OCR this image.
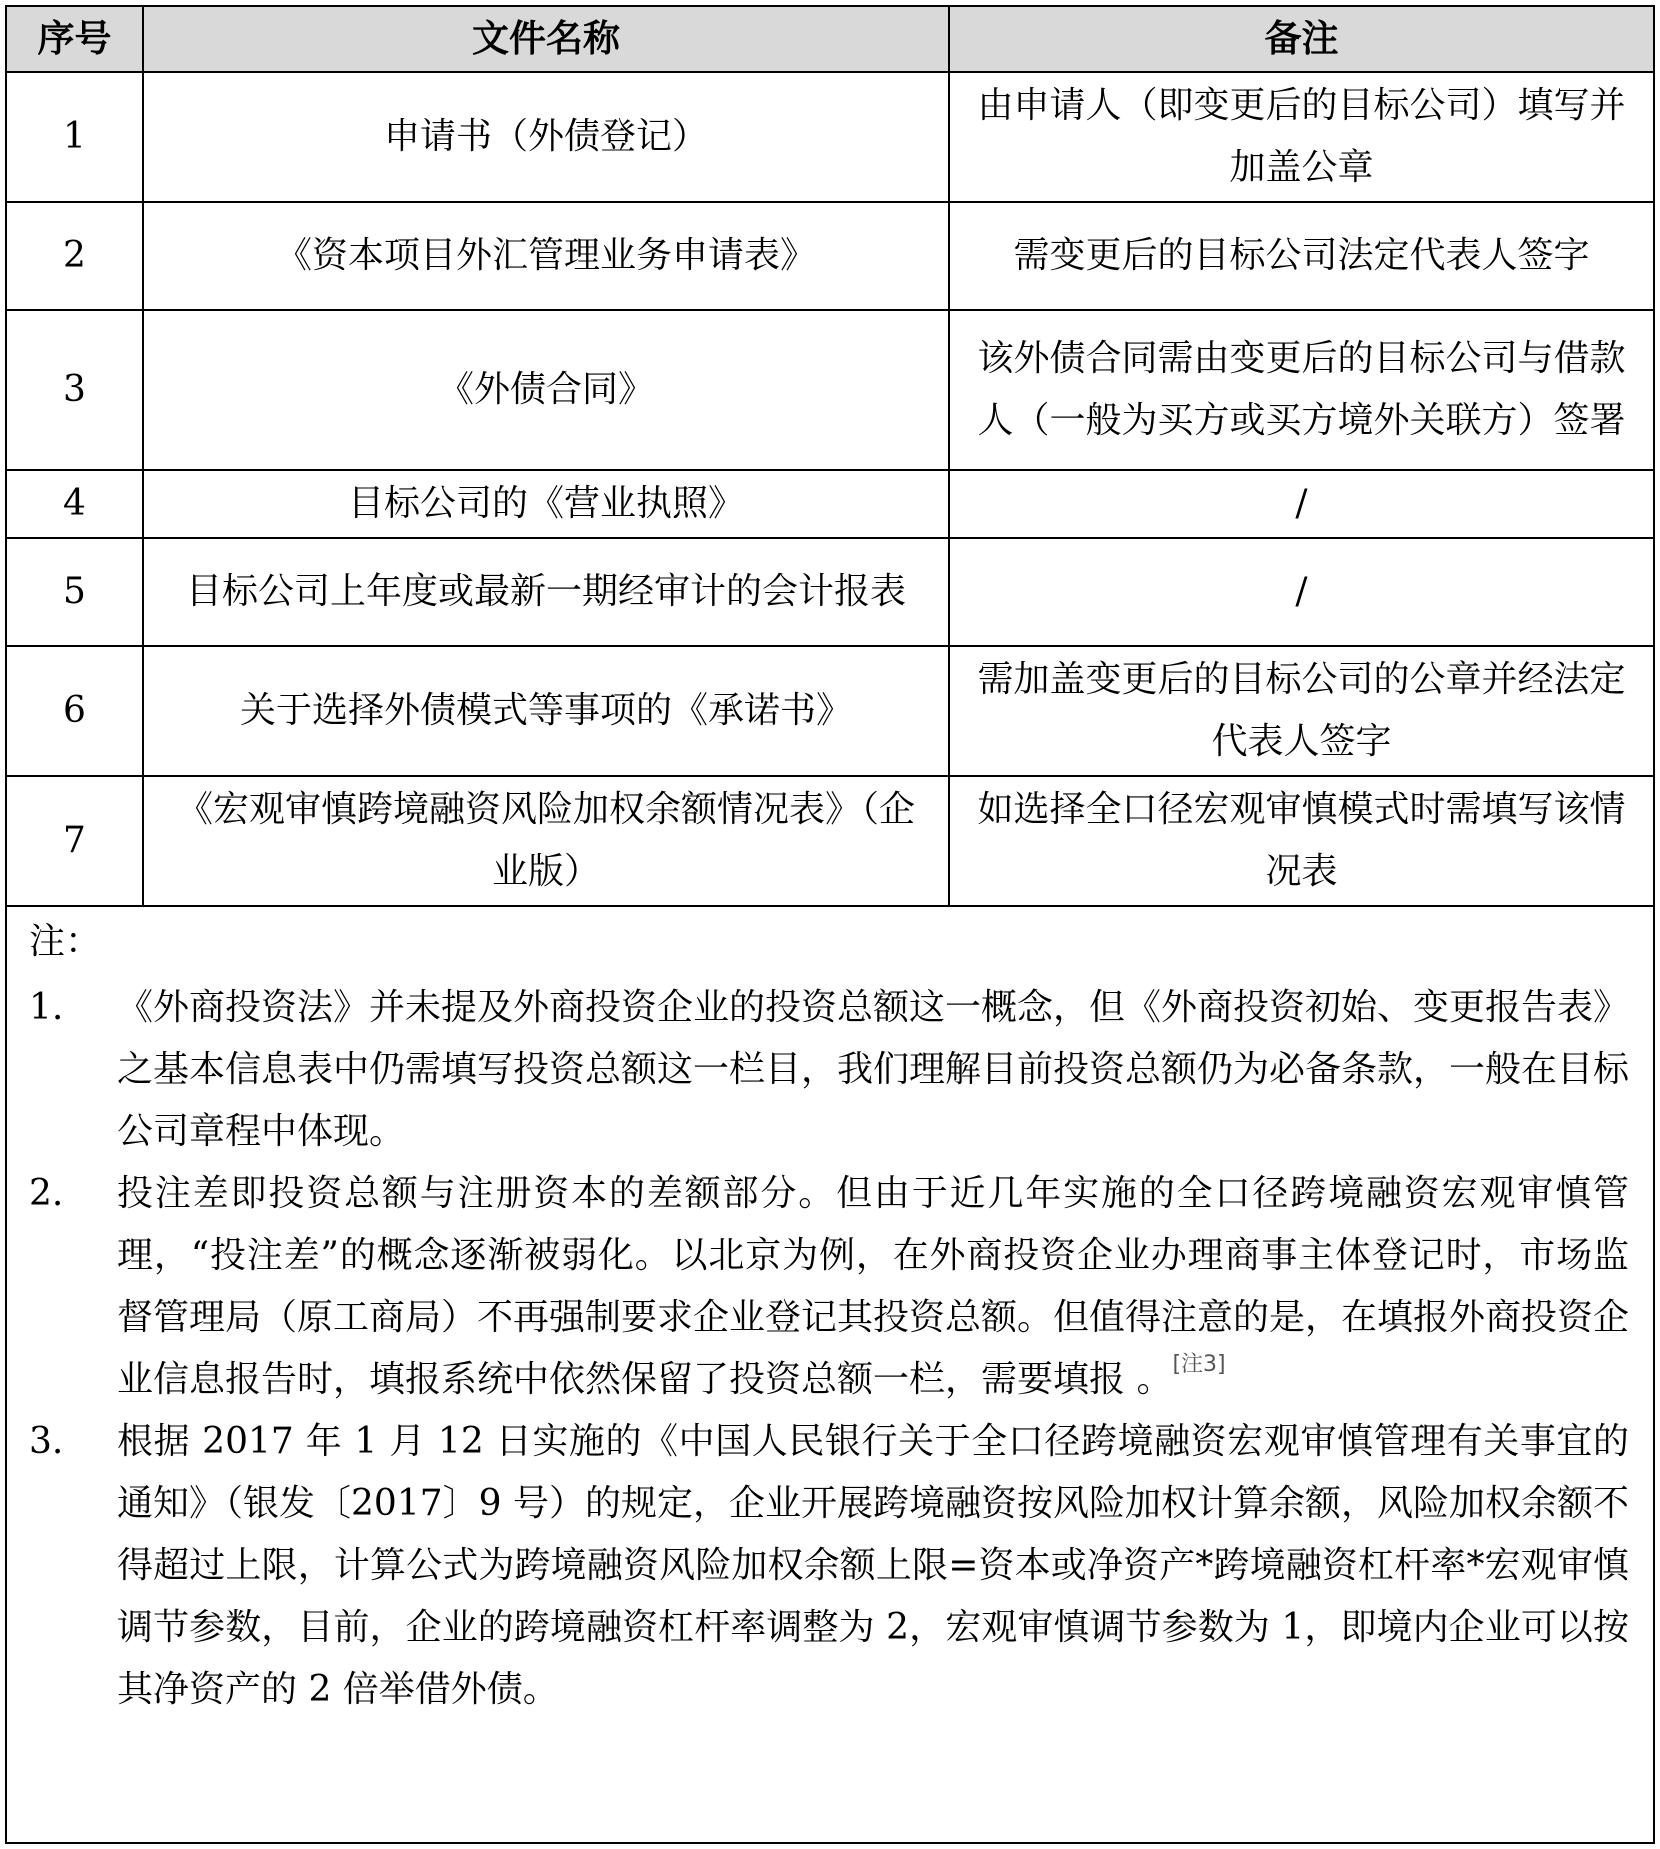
序号	文件名称	备注
1	申请书（外债登记）	由申请人（即变更后的目标公司）填写并加盖公章
2	《资本项目外汇管理业务申请表》	需变更后的目标公司法定代表人签字
3	《外债合同》	该外债合同需由变更后的目标公司与借款人（一般为买方或买方境外关联方）签署
4	目标公司的《营业执照》	/
5	目标公司上年度或最新一期经审计的会计报表	/
6	关于选择外债模式等事项的《承诺书》	需加盖变更后的目标公司的公章并经法定代表人签字
7	《宏观审慎跨境融资风险加权余额情况表》（企业版）	如选择全口径宏观审慎模式时需填写该情况表
注：
1. 《外商投资法》并未提及外商投资企业的投资总额这一概念，但《外商投资初始、变更报告表》之基本信息表中仍需填写投资总额这一栏目，我们理解目前投资总额仍为必备条款，一般在目标公司章程中体现。
2. 投注差即投资总额与注册资本的差额部分。但由于近几年实施的全口径跨境融资宏观审慎管理，“投注差”的概念逐渐被弱化。以北京为例，在外商投资企业办理商事主体登记时，市场监督管理局（原工商局）不再强制要求企业登记其投资总额。但值得注意的是，在填报外商投资企业信息报告时，填报系统中依然保留了投资总额一栏，需要填报 。[注3]
3. 根据 2017 年 1 月 12 日实施的《中国人民银行关于全口径跨境融资宏观审慎管理有关事宜的通知》（银发〔2017〕9 号）的规定，企业开展跨境融资按风险加权计算余额，风险加权余额不得超过上限，计算公式为跨境融资风险加权余额上限=资本或净资产*跨境融资杠杆率*宏观审慎调节参数，目前，企业的跨境融资杠杆率调整为 2，宏观审慎调节参数为 1，即境内企业可以按其净资产的 2 倍举借外债。
